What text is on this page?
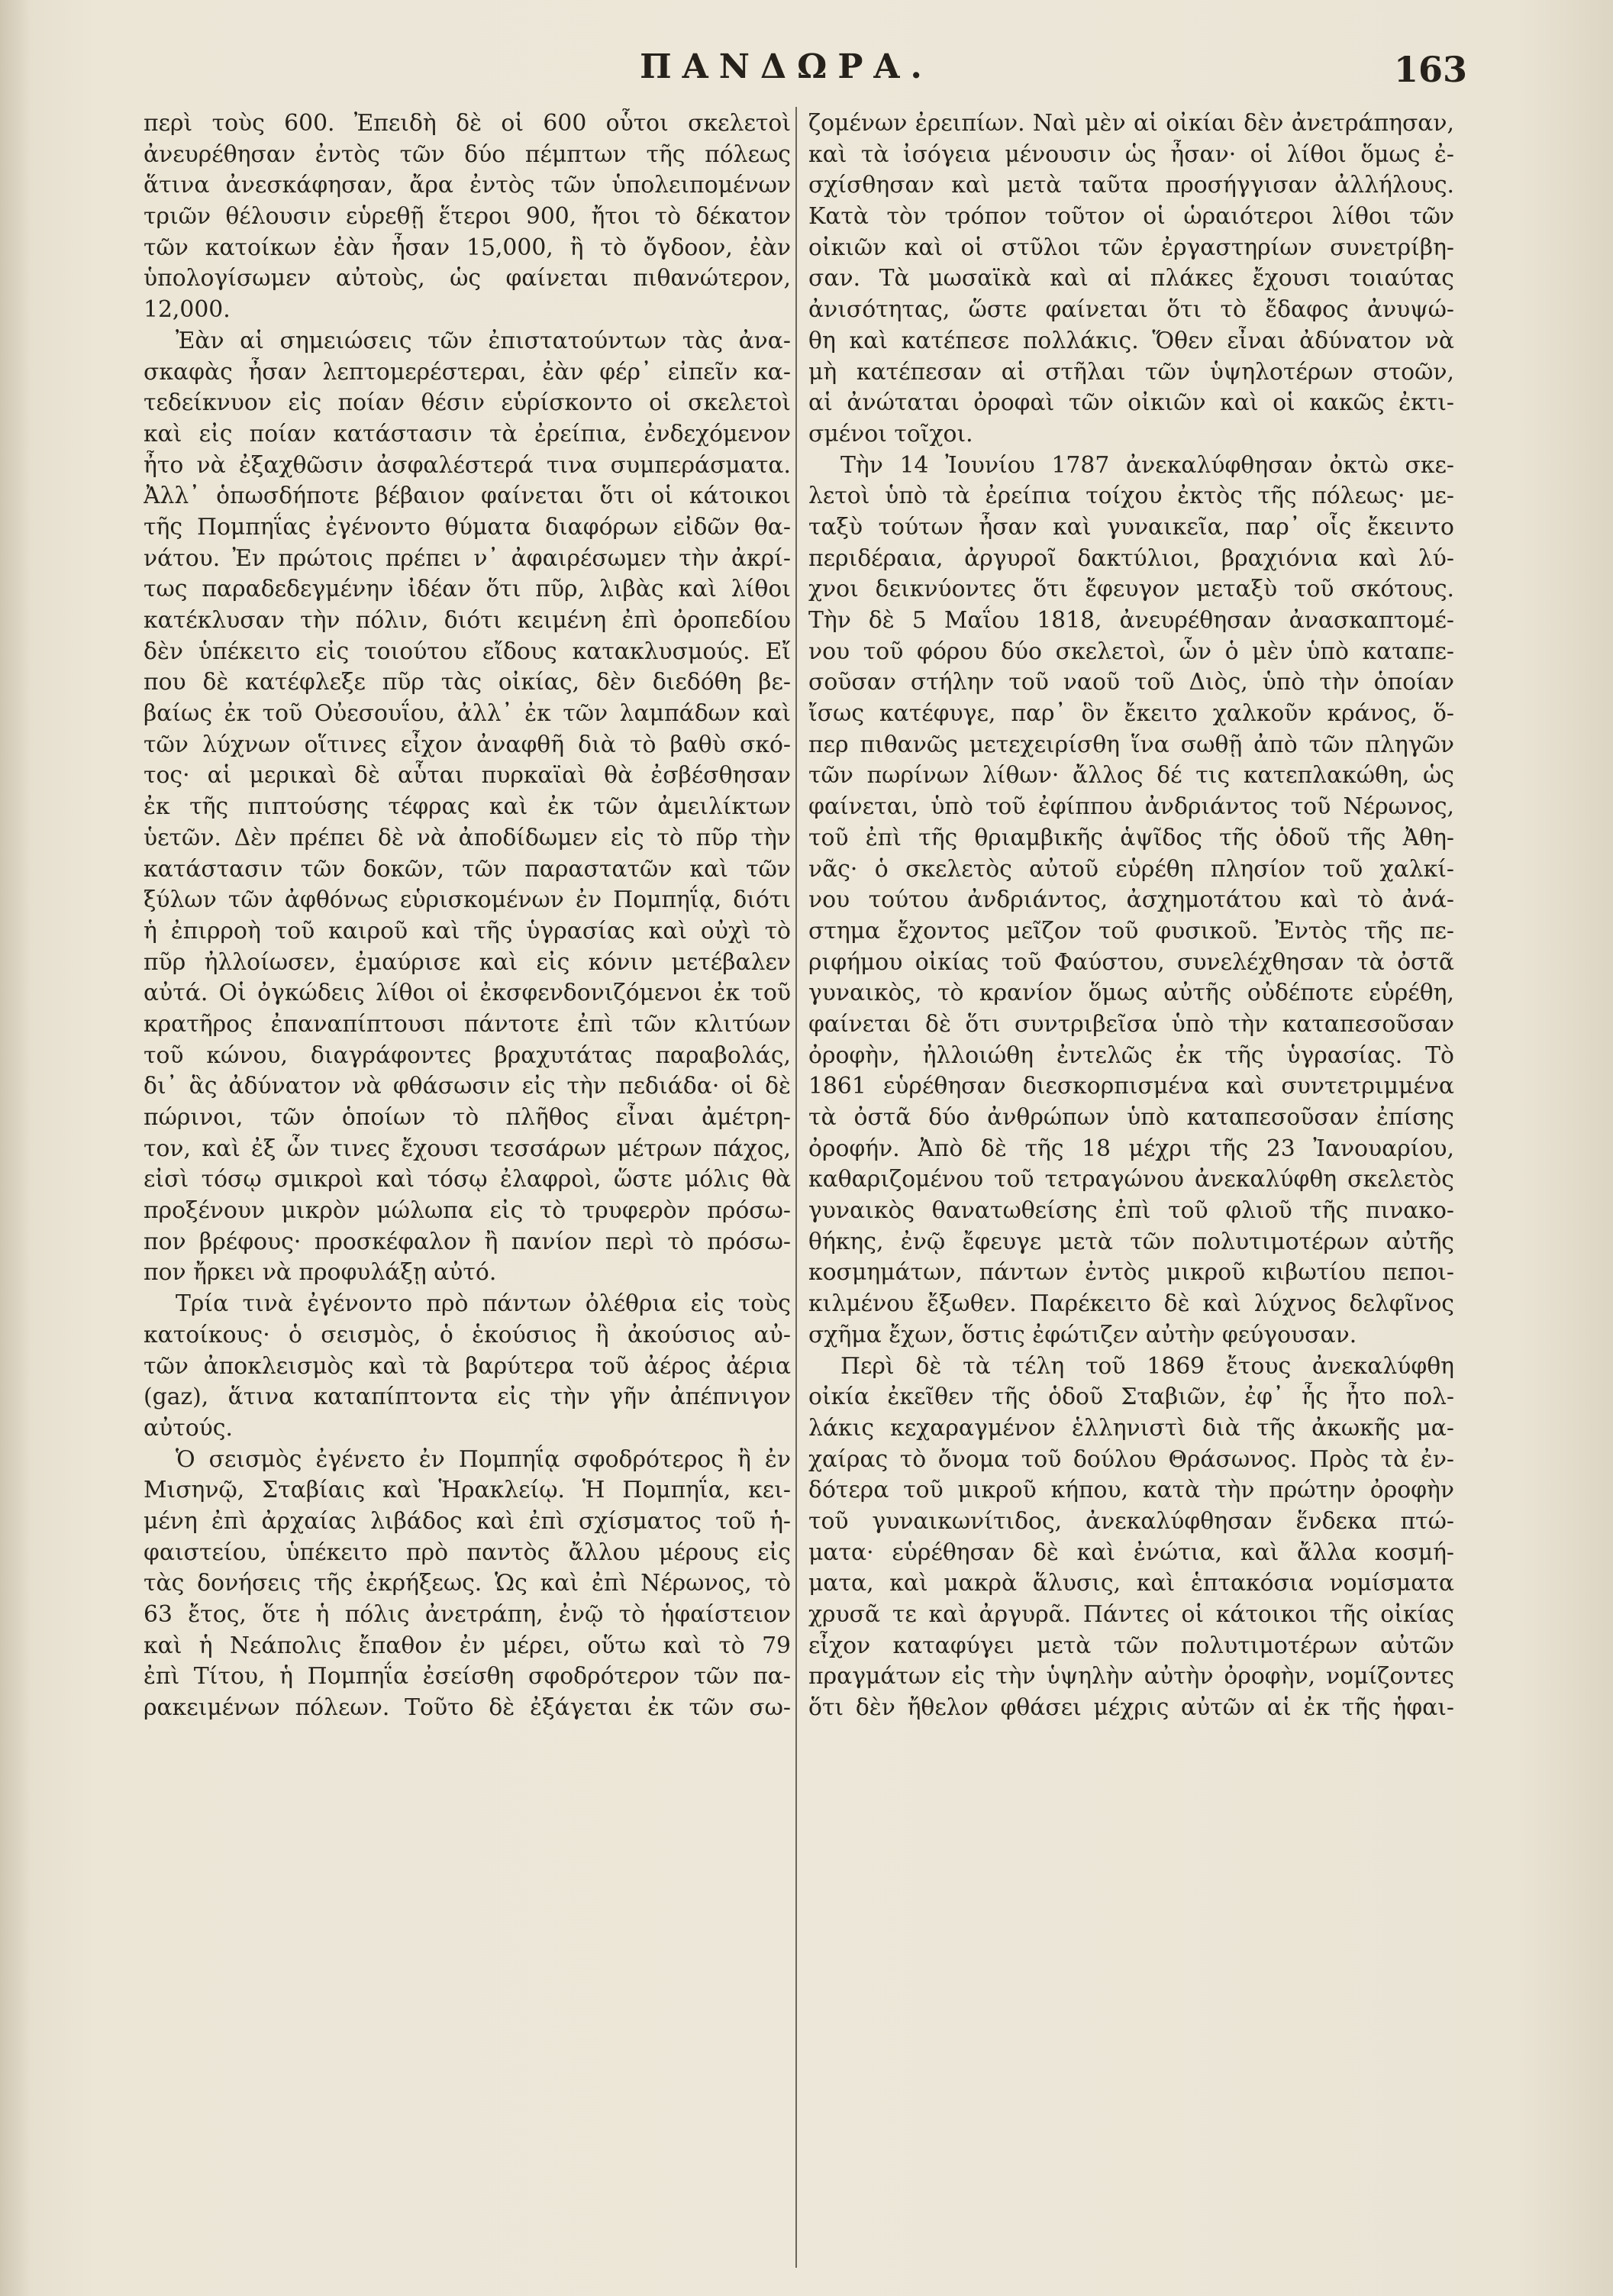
ΠΑΝΔΩΡΑ.	163
περὶ τοὺς 600. Ἐπειδὴ δὲ οἱ 600 οὗτοι σκελετοὶ
ἀνευρέθησαν ἐντὸς τῶν δύο πέμπτων τῆς πόλεως
ἅτινα ἀνεσκάφησαν, ἄρα ἐντὸς τῶν ὑπολειπομένων
τριῶν θέλουσιν εὑρεθῇ ἕτεροι 900, ἤτοι τὸ δέκατον
τῶν κατοίκων ἐὰν ἦσαν 15,000, ἢ τὸ ὄγδοον, ἐὰν
ὑπολογίσωμεν αὐτοὺς, ὡς φαίνεται πιθανώτερον,
12,000.
Ἐὰν αἱ σημειώσεις τῶν ἐπιστατούντων τὰς ἀνα-
σκαφὰς ἦσαν λεπτομερέστεραι, ἐὰν φέρ᾽ εἰπεῖν κα-
τεδείκνυον εἰς ποίαν θέσιν εὑρίσκοντο οἱ σκελετοὶ
καὶ εἰς ποίαν κατάστασιν τὰ ἐρείπια, ἐνδεχόμενον
ἦτο νὰ ἐξαχθῶσιν ἀσφαλέστερά τινα συμπεράσματα.
Ἀλλ᾽ ὁπωσδήποτε βέβαιον φαίνεται ὅτι οἱ κάτοικοι
τῆς Πομπηΐας ἐγένοντο θύματα διαφόρων εἰδῶν θα-
νάτου. Ἐν πρώτοις πρέπει ν᾽ ἀφαιρέσωμεν τὴν ἀκρί-
τως παραδεδεγμένην ἰδέαν ὅτι πῦρ, λιβὰς καὶ λίθοι
κατέκλυσαν τὴν πόλιν, διότι κειμένη ἐπὶ ὀροπεδίου
δὲν ὑπέκειτο εἰς τοιούτου εἴδους κατακλυσμούς. Εἴ
που δὲ κατέφλεξε πῦρ τὰς οἰκίας, δὲν διεδόθη βε-
βαίως ἐκ τοῦ Οὐεσουΐου, ἀλλ᾽ ἐκ τῶν λαμπάδων καὶ
τῶν λύχνων οἵτινες εἶχον ἀναφθῆ διὰ τὸ βαθὺ σκό-
τος· αἱ μερικαὶ δὲ αὗται πυρκαϊαὶ θὰ ἐσβέσθησαν
ἐκ τῆς πιπτούσης τέφρας καὶ ἐκ τῶν ἀμειλίκτων
ὑετῶν. Δὲν πρέπει δὲ νὰ ἀποδίδωμεν εἰς τὸ πῦρ τὴν
κατάστασιν τῶν δοκῶν, τῶν παραστατῶν καὶ τῶν
ξύλων τῶν ἀφθόνως εὑρισκομένων ἐν Πομπηΐᾳ, διότι
ἡ ἐπιρροὴ τοῦ καιροῦ καὶ τῆς ὑγρασίας καὶ οὐχὶ τὸ
πῦρ ἠλλοίωσεν, ἐμαύρισε καὶ εἰς κόνιν μετέβαλεν
αὐτά. Οἱ ὀγκώδεις λίθοι οἱ ἐκσφενδονιζόμενοι ἐκ τοῦ
κρατῆρος ἐπαναπίπτουσι πάντοτε ἐπὶ τῶν κλιτύων
τοῦ κώνου, διαγράφοντες βραχυτάτας παραβολάς,
δι᾽ ἃς ἀδύνατον νὰ φθάσωσιν εἰς τὴν πεδιάδα· οἱ δὲ
πώρινοι, τῶν ὁποίων τὸ πλῆθος εἶναι ἀμέτρη-
τον, καὶ ἐξ ὧν τινες ἔχουσι τεσσάρων μέτρων πάχος,
εἰσὶ τόσῳ σμικροὶ καὶ τόσῳ ἐλαφροὶ, ὥστε μόλις θὰ
προξένουν μικρὸν μώλωπα εἰς τὸ τρυφερὸν πρόσω-
πον βρέφους· προσκέφαλον ἢ πανίον περὶ τὸ πρόσω-
πον ἤρκει νὰ προφυλάξῃ αὐτό.
Τρία τινὰ ἐγένοντο πρὸ πάντων ὀλέθρια εἰς τοὺς
κατοίκους· ὁ σεισμὸς, ὁ ἑκούσιος ἢ ἀκούσιος αὐ-
τῶν ἀποκλεισμὸς καὶ τὰ βαρύτερα τοῦ ἀέρος ἀέρια
(gaz), ἅτινα καταπίπτοντα εἰς τὴν γῆν ἀπέπνιγον
αὐτούς.
Ὁ σεισμὸς ἐγένετο ἐν Πομπηΐᾳ σφοδρότερος ἢ ἐν
Μισηνῷ, Σταβίαις καὶ Ἡρακλείῳ. Ἡ Πομπηΐα, κει-
μένη ἐπὶ ἀρχαίας λιβάδος καὶ ἐπὶ σχίσματος τοῦ ἡ-
φαιστείου, ὑπέκειτο πρὸ παντὸς ἄλλου μέρους εἰς
τὰς δονήσεις τῆς ἐκρήξεως. Ὡς καὶ ἐπὶ Νέρωνος, τὸ
63 ἔτος, ὅτε ἡ πόλις ἀνετράπη, ἐνῷ τὸ ἡφαίστειον
καὶ ἡ Νεάπολις ἔπαθον ἐν μέρει, οὕτω καὶ τὸ 79
ἐπὶ Τίτου, ἡ Πομπηΐα ἐσείσθη σφοδρότερον τῶν πα-
ρακειμένων πόλεων. Τοῦτο δὲ ἐξάγεται ἐκ τῶν σω-
ζομένων ἐρειπίων. Ναὶ μὲν αἱ οἰκίαι δὲν ἀνετράπησαν,
καὶ τὰ ἰσόγεια μένουσιν ὡς ἦσαν· οἱ λίθοι ὅμως ἐ-
σχίσθησαν καὶ μετὰ ταῦτα προσήγγισαν ἀλλήλους.
Κατὰ τὸν τρόπον τοῦτον οἱ ὡραιότεροι λίθοι τῶν
οἰκιῶν καὶ οἱ στῦλοι τῶν ἐργαστηρίων συνετρίβη-
σαν. Τὰ μωσαϊκὰ καὶ αἱ πλάκες ἔχουσι τοιαύτας
ἀνισότητας, ὥστε φαίνεται ὅτι τὸ ἔδαφος ἀνυψώ-
θη καὶ κατέπεσε πολλάκις. Ὅθεν εἶναι ἀδύνατον νὰ
μὴ κατέπεσαν αἱ στῆλαι τῶν ὑψηλοτέρων στοῶν,
αἱ ἀνώταται ὀροφαὶ τῶν οἰκιῶν καὶ οἱ κακῶς ἐκτι-
σμένοι τοῖχοι.
Τὴν 14 Ἰουνίου 1787 ἀνεκαλύφθησαν ὀκτὼ σκε-
λετοὶ ὑπὸ τὰ ἐρείπια τοίχου ἐκτὸς τῆς πόλεως· με-
ταξὺ τούτων ἦσαν καὶ γυναικεῖα, παρ᾽ οἷς ἔκειντο
περιδέραια, ἀργυροῖ δακτύλιοι, βραχιόνια καὶ λύ-
χνοι δεικνύοντες ὅτι ἔφευγον μεταξὺ τοῦ σκότους.
Τὴν δὲ 5 Μαΐου 1818, ἀνευρέθησαν ἀνασκαπτομέ-
νου τοῦ φόρου δύο σκελετοὶ, ὧν ὁ μὲν ὑπὸ καταπε-
σοῦσαν στήλην τοῦ ναοῦ τοῦ Διὸς, ὑπὸ τὴν ὁποίαν
ἴσως κατέφυγε, παρ᾽ ὃν ἔκειτο χαλκοῦν κράνος, ὅ-
περ πιθανῶς μετεχειρίσθη ἵνα σωθῇ ἀπὸ τῶν πληγῶν
τῶν πωρίνων λίθων· ἄλλος δέ τις κατεπλακώθη, ὡς
φαίνεται, ὑπὸ τοῦ ἐφίππου ἀνδριάντος τοῦ Νέρωνος,
τοῦ ἐπὶ τῆς θριαμβικῆς ἁψῖδος τῆς ὁδοῦ τῆς Ἀθη-
νᾶς· ὁ σκελετὸς αὐτοῦ εὑρέθη πλησίον τοῦ χαλκί-
νου τούτου ἀνδριάντος, ἀσχημοτάτου καὶ τὸ ἀνά-
στημα ἔχοντος μεῖζον τοῦ φυσικοῦ. Ἐντὸς τῆς πε-
ριφήμου οἰκίας τοῦ Φαύστου, συνελέχθησαν τὰ ὀστᾶ
γυναικὸς, τὸ κρανίον ὅμως αὐτῆς οὐδέποτε εὑρέθη,
φαίνεται δὲ ὅτι συντριβεῖσα ὑπὸ τὴν καταπεσοῦσαν
ὀροφὴν, ἠλλοιώθη ἐντελῶς ἐκ τῆς ὑγρασίας. Τὸ
1861 εὑρέθησαν διεσκορπισμένα καὶ συντετριμμένα
τὰ ὀστᾶ δύο ἀνθρώπων ὑπὸ καταπεσοῦσαν ἐπίσης
ὀροφήν. Ἀπὸ δὲ τῆς 18 μέχρι τῆς 23 Ἰανουαρίου,
καθαριζομένου τοῦ τετραγώνου ἀνεκαλύφθη σκελετὸς
γυναικὸς θανατωθείσης ἐπὶ τοῦ φλιοῦ τῆς πινακο-
θήκης, ἐνῷ ἔφευγε μετὰ τῶν πολυτιμοτέρων αὐτῆς
κοσμημάτων, πάντων ἐντὸς μικροῦ κιβωτίου πεποι-
κιλμένου ἔξωθεν. Παρέκειτο δὲ καὶ λύχνος δελφῖνος
σχῆμα ἔχων, ὅστις ἐφώτιζεν αὐτὴν φεύγουσαν.
Περὶ δὲ τὰ τέλη τοῦ 1869 ἔτους ἀνεκαλύφθη
οἰκία ἐκεῖθεν τῆς ὁδοῦ Σταβιῶν, ἐφ᾽ ἧς ἦτο πολ-
λάκις κεχαραγμένον ἑλληνιστὶ διὰ τῆς ἀκωκῆς μα-
χαίρας τὸ ὄνομα τοῦ δούλου Θράσωνος. Πρὸς τὰ ἐν-
δότερα τοῦ μικροῦ κήπου, κατὰ τὴν πρώτην ὀροφὴν
τοῦ γυναικωνίτιδος, ἀνεκαλύφθησαν ἕνδεκα πτώ-
ματα· εὑρέθησαν δὲ καὶ ἐνώτια, καὶ ἄλλα κοσμή-
ματα, καὶ μακρὰ ἅλυσις, καὶ ἑπτακόσια νομίσματα
χρυσᾶ τε καὶ ἀργυρᾶ. Πάντες οἱ κάτοικοι τῆς οἰκίας
εἶχον καταφύγει μετὰ τῶν πολυτιμοτέρων αὐτῶν
πραγμάτων εἰς τὴν ὑψηλὴν αὐτὴν ὀροφὴν, νομίζοντες
ὅτι δὲν ἤθελον φθάσει μέχρις αὐτῶν αἱ ἐκ τῆς ἡφαι-
